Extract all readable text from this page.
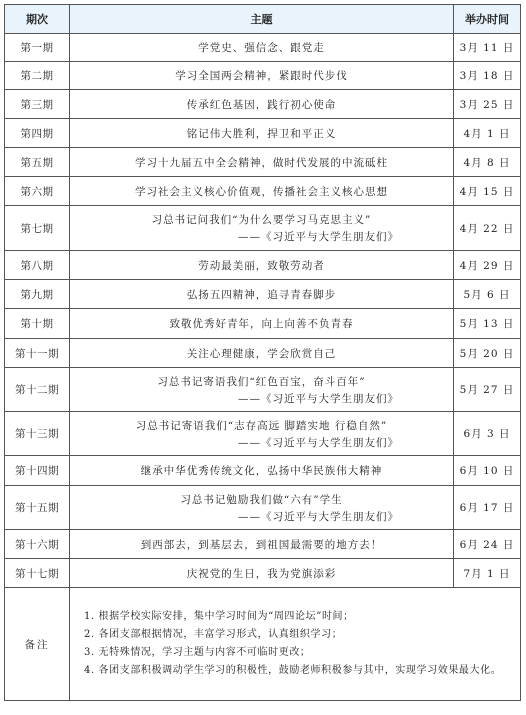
期次	主题	举办时间
第一期	学党史、强信念、跟党走	3月 11 日
第二期	学习全国两会精神，紧跟时代步伐	3月 18 日
第三期	传承红色基因，践行初心使命	3月 25 日
第四期	铭记伟大胜利，捍卫和平正义	4月 1 日
第五期	学习十九届五中全会精神，做时代发展的中流砥柱	4月 8 日
第六期	学习社会主义核心价值观，传播社会主义核心思想	4月 15 日
第七期	习总书记问我们“为什么要学习马克思主义”
——《习近平与大学生朋友们》	4月 22 日
第八期	劳动最美丽，致敬劳动者	4月 29 日
第九期	弘扬五四精神，追寻青春脚步	5月 6 日
第十期	致敬优秀好青年，向上向善不负青春	5月 13 日
第十一期	关注心理健康，学会欣赏自己	5月 20 日
第十二期	习总书记寄语我们“红色百宝，奋斗百年”
——《习近平与大学生朋友们》	5月 27 日
第十三期	习总书记寄语我们“志存高远 脚踏实地 行稳自然”
——《习近平与大学生朋友们》	6月 3 日
第十四期	继承中华优秀传统文化，弘扬中华民族伟大精神	6月 10 日
第十五期	习总书记勉励我们做“六有”学生
——《习近平与大学生朋友们》	6月 17 日
第十六期	到西部去，到基层去，到祖国最需要的地方去！	6月 24 日
第十七期	庆祝党的生日，我为党旗添彩	7月 1 日
备注	1. 根据学校实际安排，集中学习时间为“周四论坛”时间；
2. 各团支部根据情况，丰富学习形式，认真组织学习；
3. 无特殊情况，学习主题与内容不可临时更改；
4. 各团支部积极调动学生学习的积极性，鼓励老师积极参与其中，实现学习效果最大化。	
